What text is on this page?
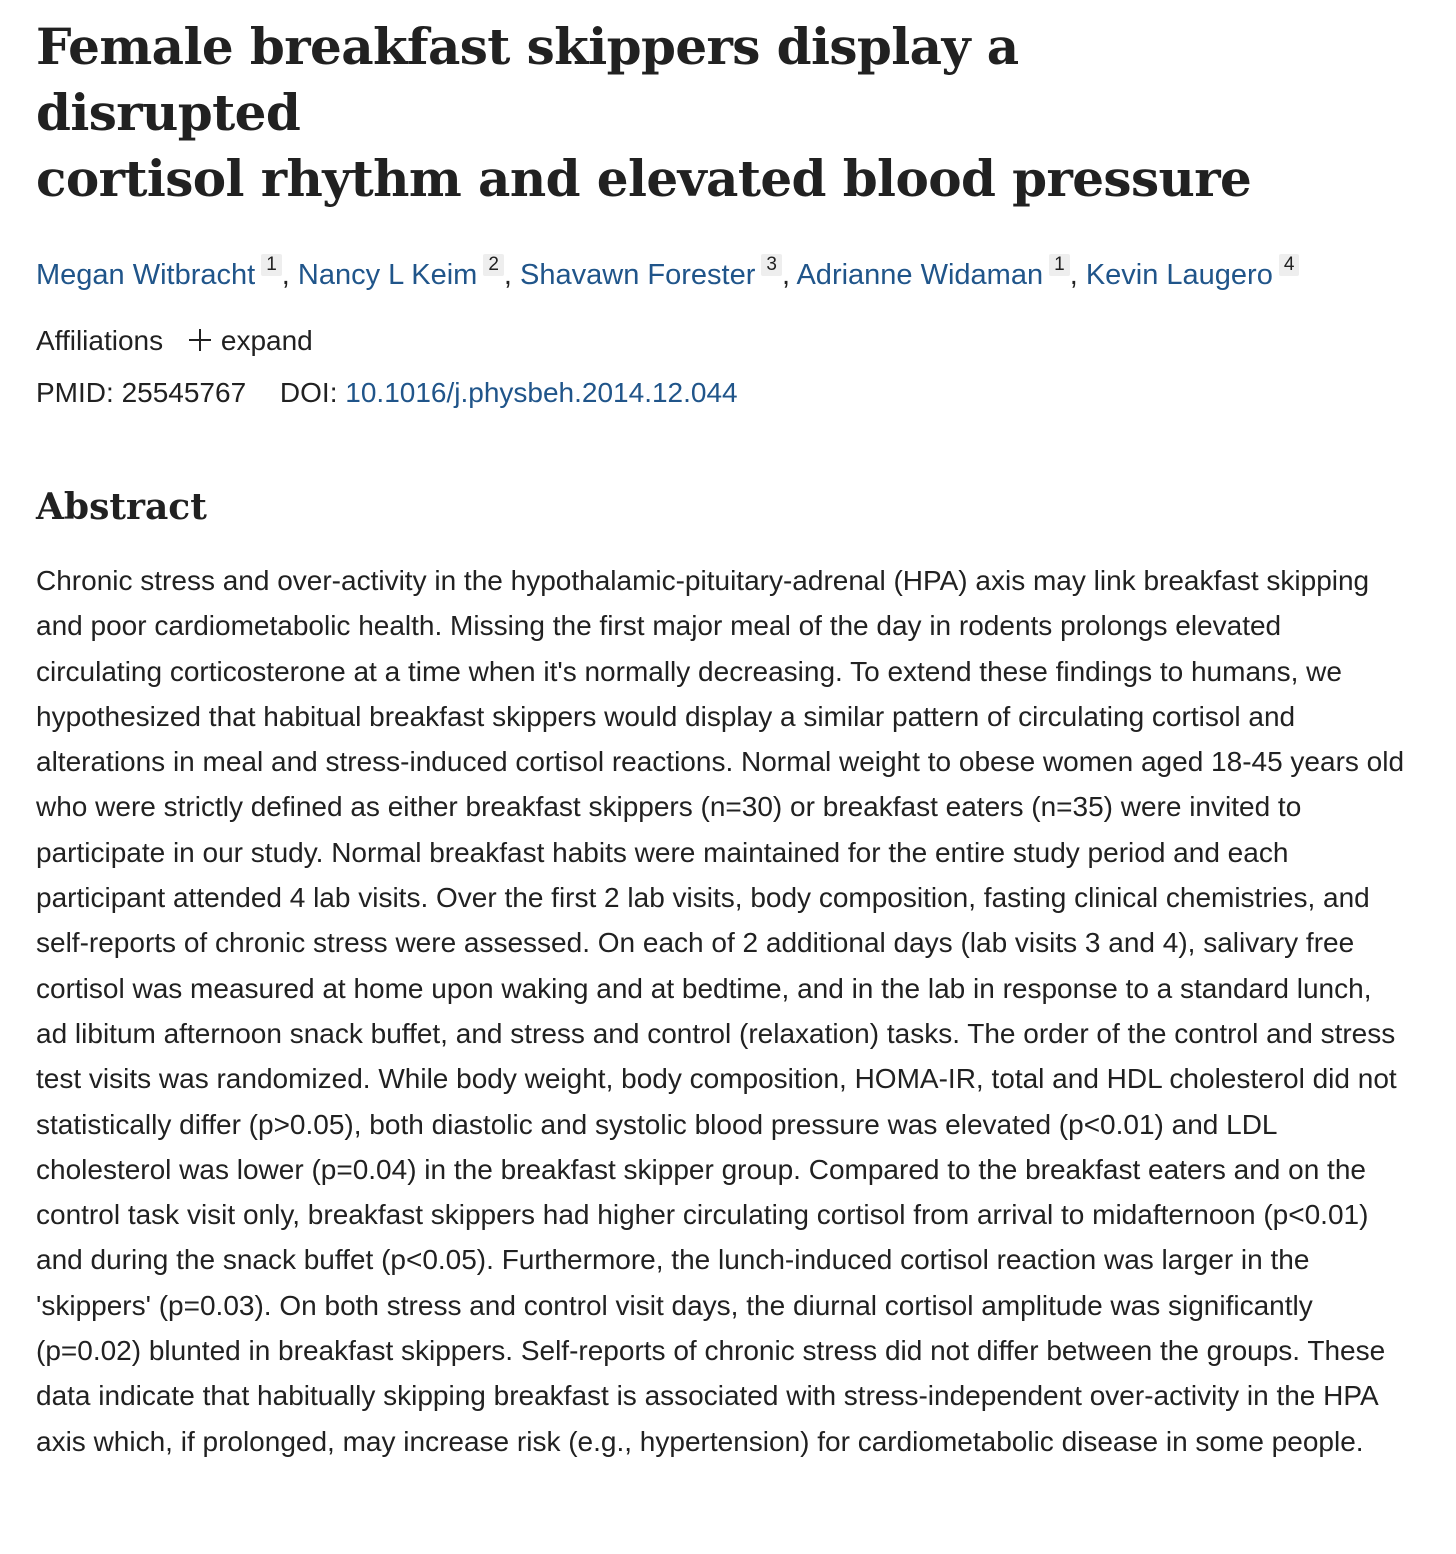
Female breakfast skippers display a disrupted
cortisol rhythm and elevated blood pressure
Megan Witbracht 1 , Nancy L Keim 2 , Shavawn Forester 3 , Adrianne Widaman 1 , Kevin Laugero 4
Affiliations expand
PMID: 25545767 DOI: 10.1016/j.physbeh.2014.12.044
Abstract
Chronic stress and over-activity in the hypothalamic-pituitary-adrenal (HPA) axis may link breakfast skipping and poor cardiometabolic health. Missing the first major meal of the day in rodents prolongs elevated circulating corticosterone at a time when it's normally decreasing. To extend these findings to humans, we hypothesized that habitual breakfast skippers would display a similar pattern of circulating cortisol and alterations in meal and stress-induced cortisol reactions. Normal weight to obese women aged 18-45 years old who were strictly defined as either breakfast skippers (n=30) or breakfast eaters (n=35) were invited to participate in our study. Normal breakfast habits were maintained for the entire study period and each participant attended 4 lab visits. Over the first 2 lab visits, body composition, fasting clinical chemistries, and self-reports of chronic stress were assessed. On each of 2 additional days (lab visits 3 and 4), salivary free cortisol was measured at home upon waking and at bedtime, and in the lab in response to a standard lunch, ad libitum afternoon snack buffet, and stress and control (relaxation) tasks. The order of the control and stress test visits was randomized. While body weight, body composition, HOMA-IR, total and HDL cholesterol did not statistically differ (p>0.05), both diastolic and systolic blood pressure was elevated (p<0.01) and LDL cholesterol was lower (p=0.04) in the breakfast skipper group. Compared to the breakfast eaters and on the control task visit only, breakfast skippers had higher circulating cortisol from arrival to midafternoon (p<0.01) and during the snack buffet (p<0.05). Furthermore, the lunch-induced cortisol reaction was larger in the 'skippers' (p=0.03). On both stress and control visit days, the diurnal cortisol amplitude was significantly (p=0.02) blunted in breakfast skippers. Self-reports of chronic stress did not differ between the groups. These data indicate that habitually skipping breakfast is associated with stress-independent over-activity in the HPA axis which, if prolonged, may increase risk (e.g., hypertension) for cardiometabolic disease in some people.
